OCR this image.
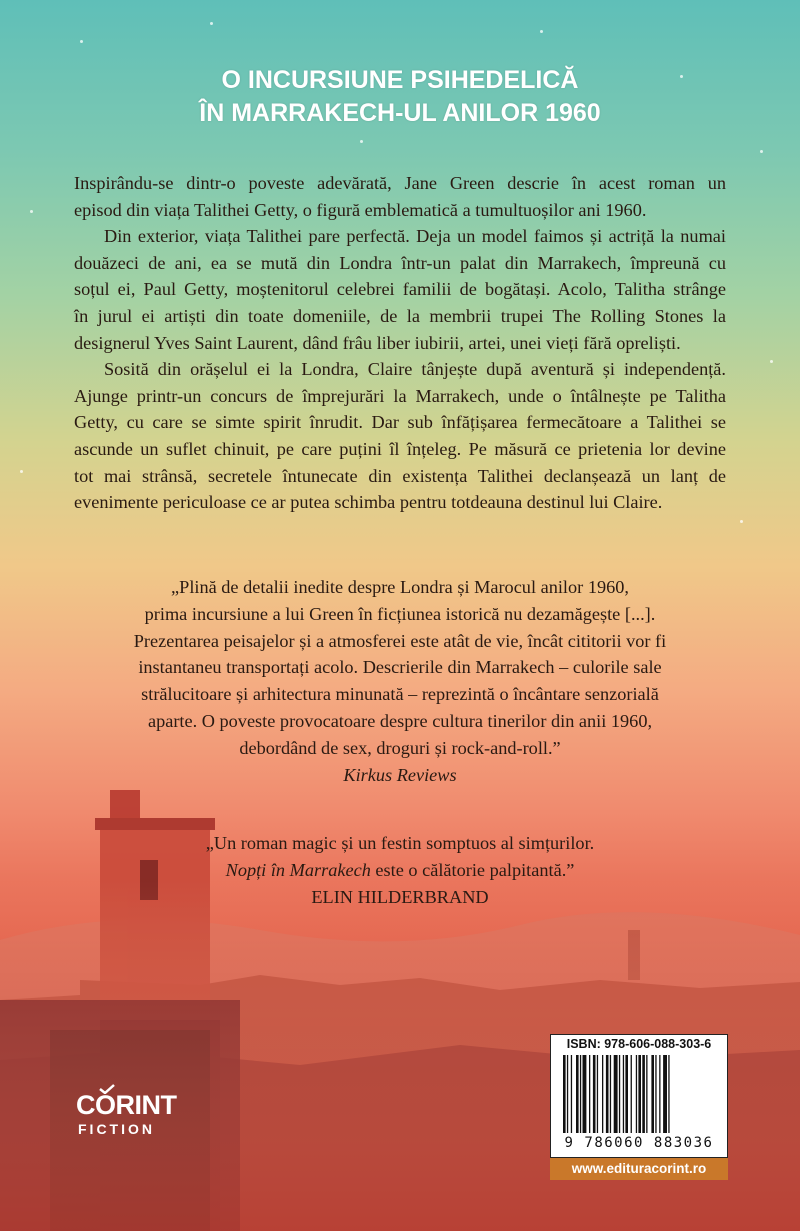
O INCURSIUNE PSIHEDELICĂ
ÎN MARRAKECH-UL ANILOR 1960
Inspirându-se dintr-o poveste adevărată, Jane Green descrie în acest roman un
episod din viața Talithei Getty, o figură emblematică a tumultuoșilor ani 1960.
Din exterior, viața Talithei pare perfectă. Deja un model faimos și actriță la numai
douăzeci de ani, ea se mută din Londra într-un palat din Marrakech, împreună cu
soțul ei, Paul Getty, moștenitorul celebrei familii de bogătași. Acolo, Talitha strânge
în jurul ei artiști din toate domeniile, de la membrii trupei The Rolling Stones la
designerul Yves Saint Laurent, dând frâu liber iubirii, artei, unei vieți fără opreliști.
Sosită din orășelul ei la Londra, Claire tânjește după aventură și independență.
Ajunge printr-un concurs de împrejurări la Marrakech, unde o întâlnește pe Talitha
Getty, cu care se simte spirit înrudit. Dar sub înfățișarea fermecătoare a Talithei se
ascunde un suflet chinuit, pe care puțini îl înțeleg. Pe măsură ce prietenia lor devine
tot mai strânsă, secretele întunecate din existența Talithei declanșează un lanț de
evenimente periculoase ce ar putea schimba pentru totdeauna destinul lui Claire.
„Plină de detalii inedite despre Londra și Marocul anilor 1960,
prima incursiune a lui Green în ficțiunea istorică nu dezamăgește [...].
Prezentarea peisajelor și a atmosferei este atât de vie, încât cititorii vor fi
instantaneu transportați acolo. Descrierile din Marrakech – culorile sale
strălucitoare și arhitectura minunată – reprezintă o încântare senzorială
aparte. O poveste provocatoare despre cultura tinerilor din anii 1960,
debordând de sex, droguri și rock-and-roll.”
Kirkus Reviews
„Un roman magic și un festin somptuos al simțurilor.
Nopți în Marrakech este o călătorie palpitantă.”
ELIN HILDERBRAND
CORINT
FICTION
ISBN: 978-606-088-303-6
9 786060 883036
www.edituracorint.ro
